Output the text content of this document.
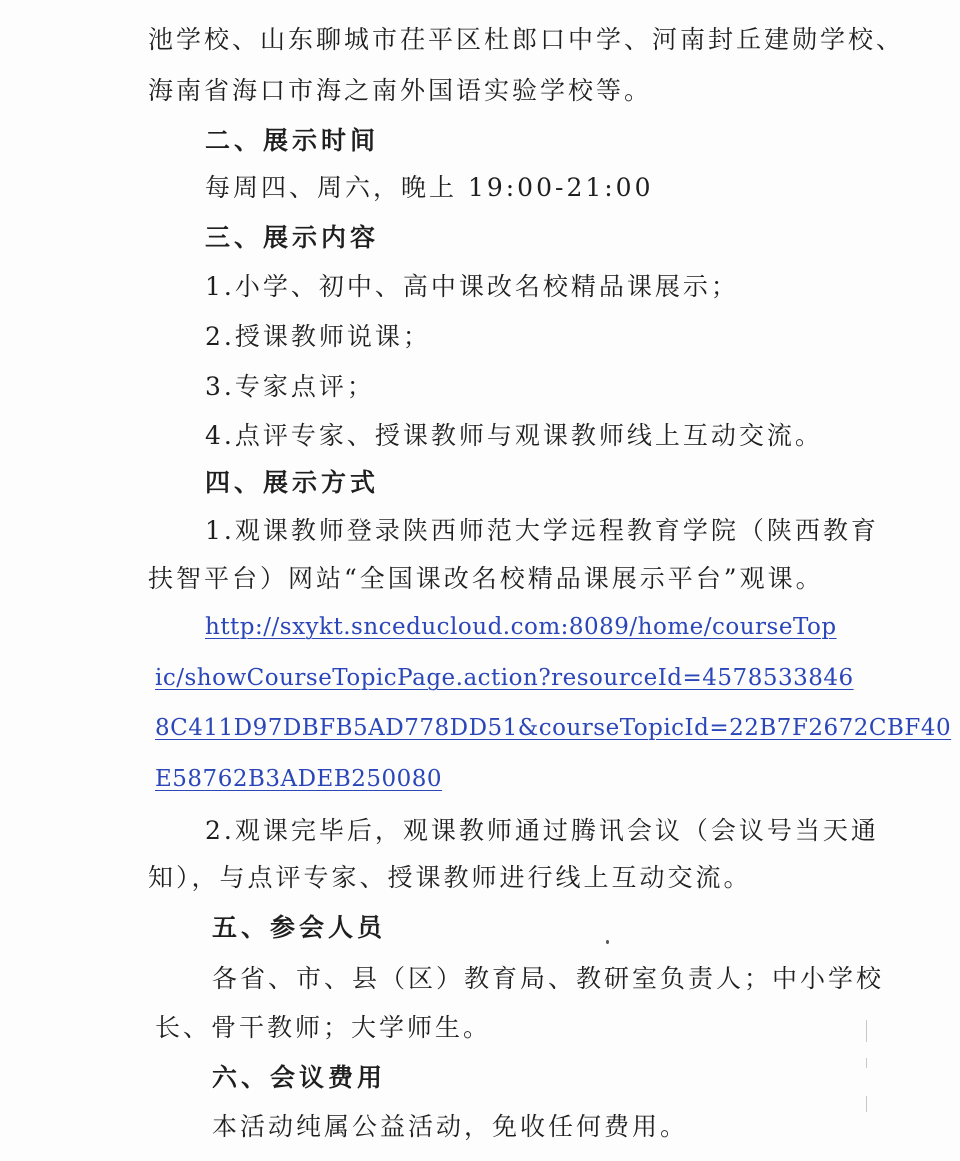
池学校、山东聊城市茌平区杜郎口中学、河南封丘建勋学校、
海南省海口市海之南外国语实验学校等。
二、展示时间
每周四、周六，晚上 19:00-21:00
三、展示内容
1.小学、初中、高中课改名校精品课展示；
2.授课教师说课；
3.专家点评；
4.点评专家、授课教师与观课教师线上互动交流。
四、展示方式
1.观课教师登录陕西师范大学远程教育学院（陕西教育
扶智平台）网站“全国课改名校精品课展示平台”观课。
http://sxykt.snceducloud.com:8089/home/courseTop
ic/showCourseTopicPage.action?resourceId=4578533846
8C411D97DBFB5AD778DD51&courseTopicId=22B7F2672CBF40
E58762B3ADEB250080
2.观课完毕后，观课教师通过腾讯会议（会议号当天通
知），与点评专家、授课教师进行线上互动交流。
五、参会人员
各省、市、县（区）教育局、教研室负责人；中小学校
长、骨干教师；大学师生。
六、会议费用
本活动纯属公益活动，免收任何费用。
